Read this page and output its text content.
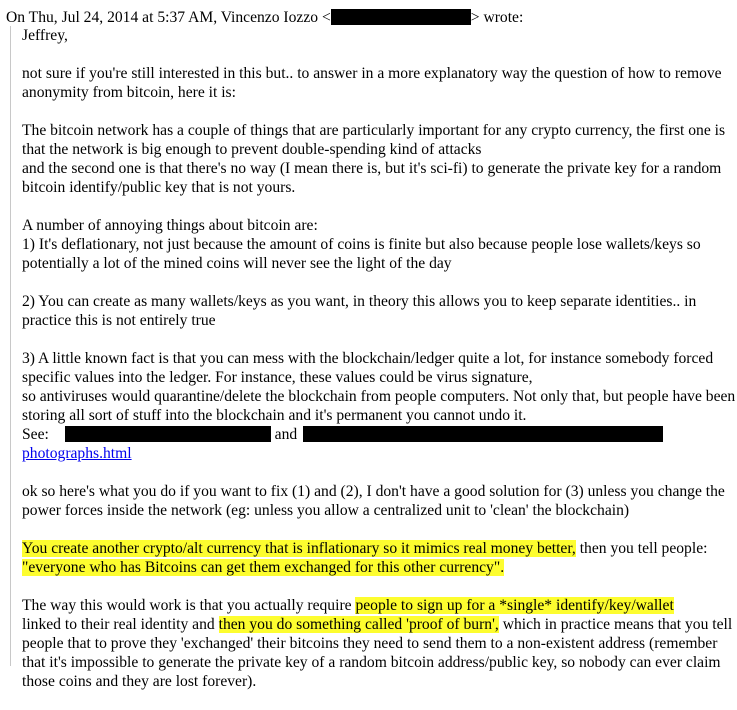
On Thu, Jul 24, 2014 at 5:37 AM, Vincenzo Iozzo <	> wrote:

Jeffrey,

not sure if you're still interested in this but.. to answer in a more explanatory way the question of how to remove anonymity from bitcoin, here it is:

The bitcoin network has a couple of things that are particularly important for any crypto currency, the first one is that the network is big enough to prevent double-spending kind of attacks
and the second one is that there's no way (I mean there is, but it's sci-fi) to generate the private key for a random bitcoin identify/public key that is not yours.

A number of annoying things about bitcoin are:
1) It's deflationary, not just because the amount of coins is finite but also because people lose wallets/keys so potentially a lot of the mined coins will never see the light of the day

2) You can create as many wallets/keys as you want, in theory this allows you to keep separate identities.. in practice this is not entirely true

3) A little known fact is that you can mess with the blockchain/ledger quite a lot, for instance somebody forced specific values into the ledger. For instance, these values could be virus signature,
so antiviruses would quarantine/delete the blockchain from people computers. Not only that, but people have been storing all sort of stuff into the blockchain and it's permanent you cannot undo it.
See:	and
photographs.html

ok so here's what you do if you want to fix (1) and (2), I don't have a good solution for (3) unless you change the power forces inside the network (eg: unless you allow a centralized unit to 'clean' the blockchain)

You create another crypto/alt currency that is inflationary so it mimics real money better, then you tell people: "everyone who has Bitcoins can get them exchanged for this other currency".

The way this would work is that you actually require people to sign up for a *single* identify/key/wallet
linked to their real identity and then you do something called 'proof of burn', which in practice means that you tell people that to prove they 'exchanged' their bitcoins they need to send them to a non-existent address (remember that it's impossible to generate the private key of a random bitcoin address/public key, so nobody can ever claim those coins and they are lost forever).
